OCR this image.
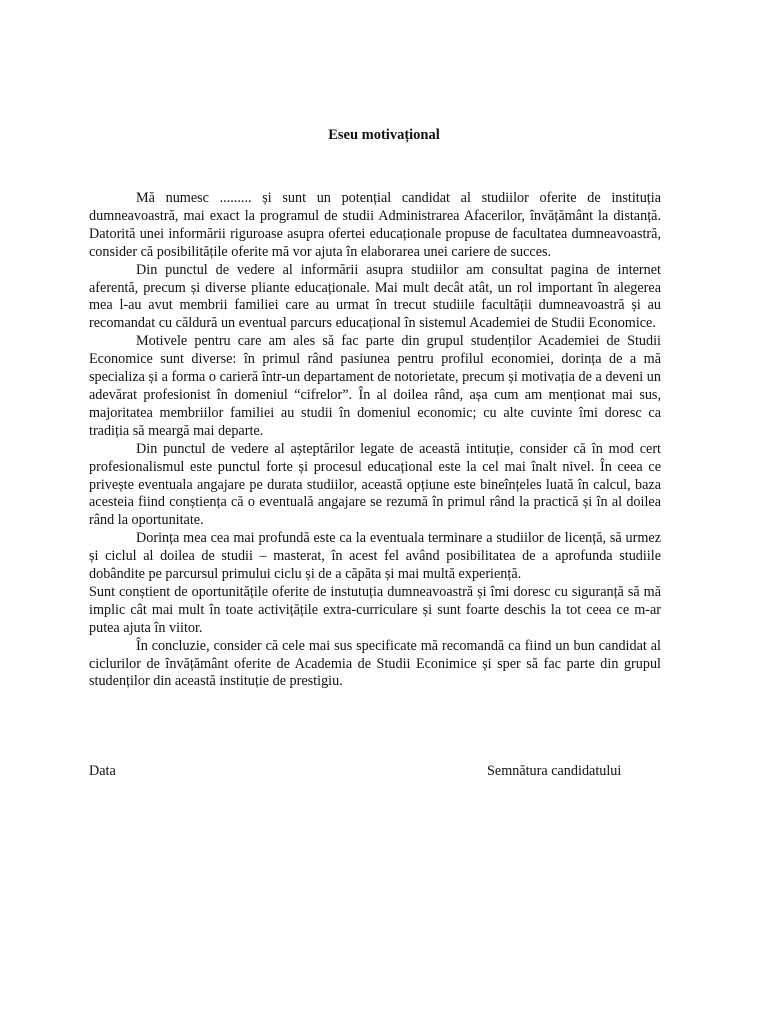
Eseu motivațional

Mă numesc ......... și sunt un potențial candidat al studiilor oferite de instituția dumneavoastră, mai exact la programul de studii Administrarea Afacerilor, învățământ la distanță. Datorită unei informării riguroase asupra ofertei educaționale propuse de facultatea dumneavoastră, consider că posibilitățile oferite mă vor ajuta în elaborarea unei cariere de succes.

Din punctul de vedere al informării asupra studiilor am consultat pagina de internet aferentă, precum și diverse pliante educaționale. Mai mult decât atât, un rol important în alegerea mea l-au avut membrii familiei care au urmat în trecut studiile facultății dumneavoastră și au recomandat cu căldură un eventual parcurs educațional în sistemul Academiei de Studii Economice.

Motivele pentru care am ales să fac parte din grupul studenților Academiei de Studii Economice sunt diverse: în primul rând pasiunea pentru profilul economiei, dorința de a mă specializa și a forma o carieră într-un departament de notorietate, precum și motivația de a deveni un adevărat profesionist în domeniul “cifrelor”. În al doilea rând, așa cum am menționat mai sus, majoritatea membriilor familiei au studii în domeniul economic; cu alte cuvinte îmi doresc ca tradiția să meargă mai departe.

Din punctul de vedere al așteptărilor legate de această intituție, consider că în mod cert profesionalismul este punctul forte și procesul educațional este la cel mai înalt nivel. În ceea ce privește eventuala angajare pe durata studiilor, această opțiune este bineînțeles luată în calcul, baza acesteia fiind conștiența că o eventuală angajare se rezumă în primul rând la practică și în al doilea rând la oportunitate.

Dorința mea cea mai profundă este ca la eventuala terminare a studiilor de licență, să urmez și ciclul al doilea de studii – masterat, în acest fel având posibilitatea de a aprofunda studiile dobândite pe parcursul primului ciclu și de a căpăta și mai multă experiență.

Sunt conștient de oportunitățile oferite de instutuția dumneavoastră și îmi doresc cu siguranță să mă implic cât mai mult în toate activițățile extra-curriculare și sunt foarte deschis la tot ceea ce m-ar putea ajuta în viitor.

În concluzie, consider că cele mai sus specificate mă recomandă ca fiind un bun candidat al ciclurilor de învățământ oferite de Academia de Studii Econimice și sper să fac parte din grupul studenților din această instituție de prestigiu.

Data	Semnătura candidatului
